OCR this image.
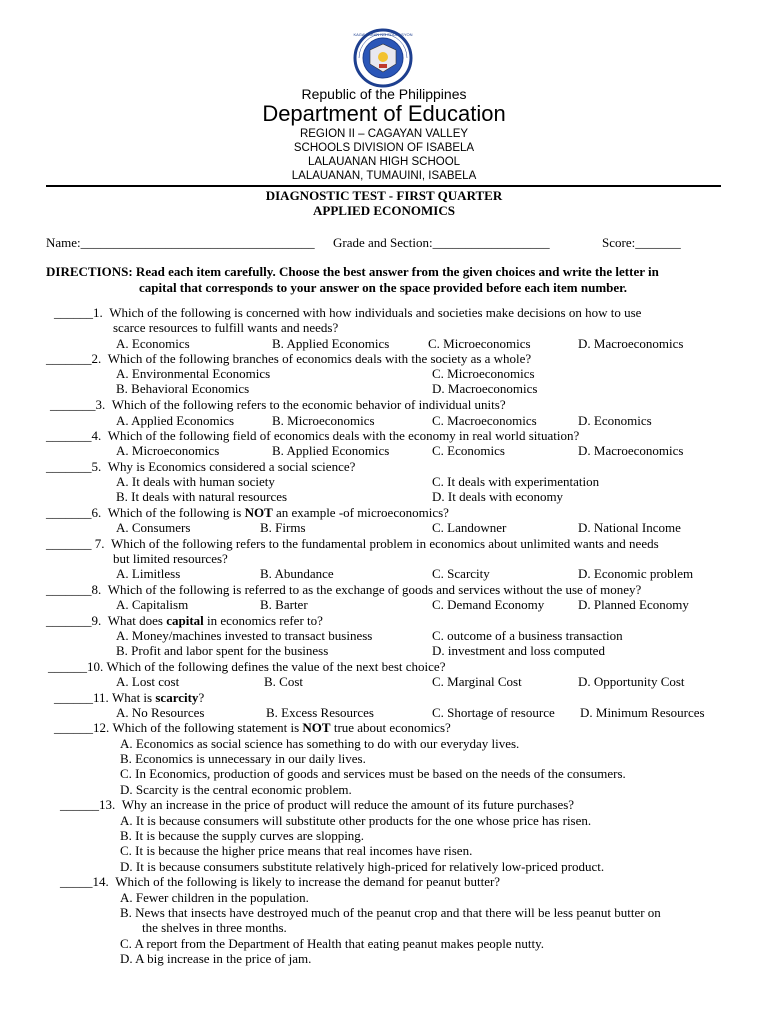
KAGAWARAN NG EDUKASYON
Republic of the Philippines
Department of Education
REGION II – CAGAYAN VALLEY
SCHOOLS DIVISION OF ISABELA
LALAUANAN HIGH SCHOOL
LALAUANAN, TUMAUINI, ISABELA
DIAGNOSTIC TEST - FIRST QUARTER
APPLIED ECONOMICS
Name:____________________________________ Grade and Section:__________________	Score:_______
DIRECTIONS: Read each item carefully. Choose the best answer from the given choices and write the letter in
capital that corresponds to your answer on the space provided before each item number.
______1. Which of the following is concerned with how individuals and societies make decisions on how to use
scarce resources to fulfill wants and needs?
A. Economics	B. Applied Economics	C. Microeconomics	D. Macroeconomics
_______2. Which of the following branches of economics deals with the society as a whole?
A. Environmental Economics	C. Microeconomics
B. Behavioral Economics	D. Macroeconomics
_______3. Which of the following refers to the economic behavior of individual units?
A. Applied Economics	B. Microeconomics	C. Macroeconomics	D. Economics
_______4. Which of the following field of economics deals with the economy in real world situation?
A. Microeconomics	B. Applied Economics	C. Economics	D. Macroeconomics
_______5. Why is Economics considered a social science?
A. It deals with human society	C. It deals with experimentation
B. It deals with natural resources	D. It deals with economy
_______6. Which of the following is NOT an example -of microeconomics?
A. Consumers	B. Firms	C. Landowner	D. National Income
_______ 7. Which of the following refers to the fundamental problem in economics about unlimited wants and needs
but limited resources?
A. Limitless	B. Abundance	C. Scarcity	D. Economic problem
_______8. Which of the following is referred to as the exchange of goods and services without the use of money?
A. Capitalism	B. Barter	C. Demand Economy	D. Planned Economy
_______9. What does capital in economics refer to?
A. Money/machines invested to transact business	C. outcome of a business transaction
B. Profit and labor spent for the business	D. investment and loss computed
______10. Which of the following defines the value of the next best choice?
A. Lost cost	B. Cost	C. Marginal Cost	D. Opportunity Cost
______11. What is scarcity?
A. No Resources	B. Excess Resources	C. Shortage of resource D. Minimum Resources
______12. Which of the following statement is NOT true about economics?
A. Economics as social science has something to do with our everyday lives.
B. Economics is unnecessary in our daily lives.
C. In Economics, production of goods and services must be based on the needs of the consumers.
D. Scarcity is the central economic problem.
______13. Why an increase in the price of product will reduce the amount of its future purchases?
A. It is because consumers will substitute other products for the one whose price has risen.
B. It is because the supply curves are slopping.
C. It is because the higher price means that real incomes have risen.
D. It is because consumers substitute relatively high-priced for relatively low-priced product.
_____14. Which of the following is likely to increase the demand for peanut butter?
A. Fewer children in the population.
B. News that insects have destroyed much of the peanut crop and that there will be less peanut butter on
the shelves in three months.
C. A report from the Department of Health that eating peanut makes people nutty.
D. A big increase in the price of jam.
